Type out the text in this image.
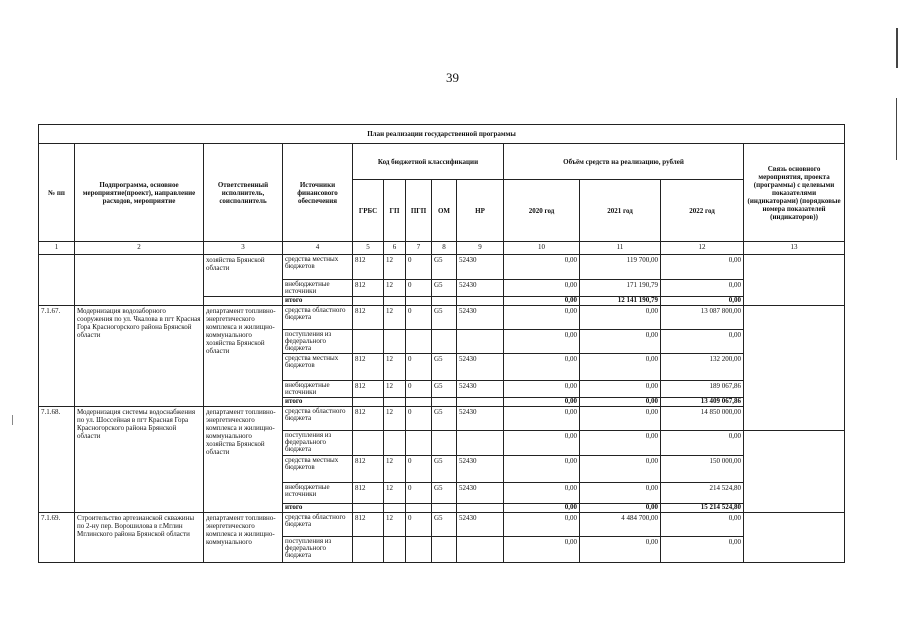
39
План реализации государственной программы													
№ пп	Подпрограмма, основное мероприятие(проект), направление расходов, мероприятие	Ответственный исполнитель, соисполнитель	Источники финансового обеспечения	Код бюджетной классификации					Объём средств на реализацию, рублей			Связь основного мероприятия, проекта (программы) с целевыми показателями (индикаторами) (порядковые номера показателей (индикаторов))	
				ГРБС	ГП	ПГП	ОМ	НР	2020 год	2021 год	2022 год		
1	2	3	4	5	6	7	8	9	10	11	12	13	
		хозяйства Брянской области	средства местных бюджетов	812	12	0	G5	52430	0,00	119 700,00	0,00		
			внебюджетные источники	812	12	0	G5	52430	0,00	171 190,79	0,00		
			итого						0,00	12 141 190,79	0,00		
7.1.67.	Модернизация водозаборного сооружения по ул. Чкалова в пгт Красная Гора Красногорского района Брянской области	департамент топливно-энергетического комплекса и жилищно-коммунального хозяйства Брянской области	средства областного бюджета	812	12	0	G5	52430	0,00	0,00	13 087 800,00		
			поступления из федерального бюджета						0,00	0,00	0,00		
			средства местных бюджетов	812	12	0	G5	52430	0,00	0,00	132 200,00		
			внебюджетные источники	812	12	0	G5	52430	0,00	0,00	189 067,86		
			итого						0,00	0,00	13 409 067,86		
7.1.68.	Модернизация системы водоснабжения по ул. Шоссейная в пгт Красная Гора Красногорского района Брянской области	департамент топливно-энергетического комплекса и жилищно-коммунального хозяйства Брянской области	средства областного бюджета	812	12	0	G5	52430	0,00	0,00	14 850 000,00		
			поступления из федерального бюджета						0,00	0,00	0,00		
			средства местных бюджетов	812	12	0	G5	52430	0,00	0,00	150 000,00		
			внебюджетные источники	812	12	0	G5	52430	0,00	0,00	214 524,80		
			итого						0,00	0,00	15 214 524,80		
7.1.69.	Строительство артезианской скважины по 2-ну пер. Ворошилова в г.Мглин Мглинского района Брянской области	департамент топливно-энергетического комплекса и жилищно-коммунального	средства областного бюджета	812	12	0	G5	52430	0,00	4 484 700,00	0,00		
			поступления из федерального бюджета						0,00	0,00	0,00		
